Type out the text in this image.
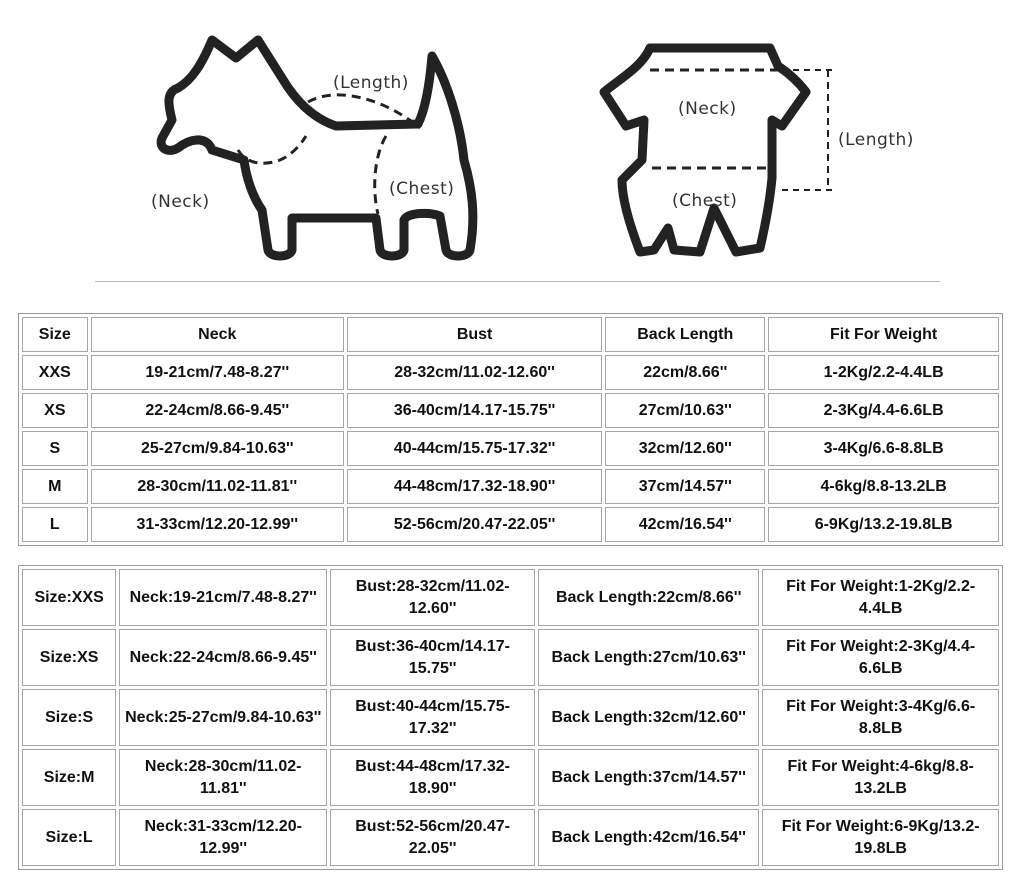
(Length)
(Neck)
(Chest)
(Neck)
(Chest)
(Length)
Size	Neck	Bust	Back Length	Fit For Weight
XXS	19-21cm/7.48-8.27''	28-32cm/11.02-12.60''	22cm/8.66''	1-2Kg/2.2-4.4LB
XS	22-24cm/8.66-9.45''	36-40cm/14.17-15.75''	27cm/10.63''	2-3Kg/4.4-6.6LB
S	25-27cm/9.84-10.63''	40-44cm/15.75-17.32''	32cm/12.60''	3-4Kg/6.6-8.8LB
M	28-30cm/11.02-11.81''	44-48cm/17.32-18.90''	37cm/14.57''	4-6kg/8.8-13.2LB
L	31-33cm/12.20-12.99''	52-56cm/20.47-22.05''	42cm/16.54''	6-9Kg/13.2-19.8LB
Size:XXS	Neck:19-21cm/7.48-8.27''	Bust:28-32cm/11.02-12.60''	Back Length:22cm/8.66''	Fit For Weight:1-2Kg/2.2-4.4LB
Size:XS	Neck:22-24cm/8.66-9.45''	Bust:36-40cm/14.17-15.75''	Back Length:27cm/10.63''	Fit For Weight:2-3Kg/4.4-6.6LB
Size:S	Neck:25-27cm/9.84-10.63''	Bust:40-44cm/15.75-17.32''	Back Length:32cm/12.60''	Fit For Weight:3-4Kg/6.6-8.8LB
Size:M	Neck:28-30cm/11.02-11.81''	Bust:44-48cm/17.32-18.90''	Back Length:37cm/14.57''	Fit For Weight:4-6kg/8.8-13.2LB
Size:L	Neck:31-33cm/12.20-12.99''	Bust:52-56cm/20.47-22.05''	Back Length:42cm/16.54''	Fit For Weight:6-9Kg/13.2-19.8LB
